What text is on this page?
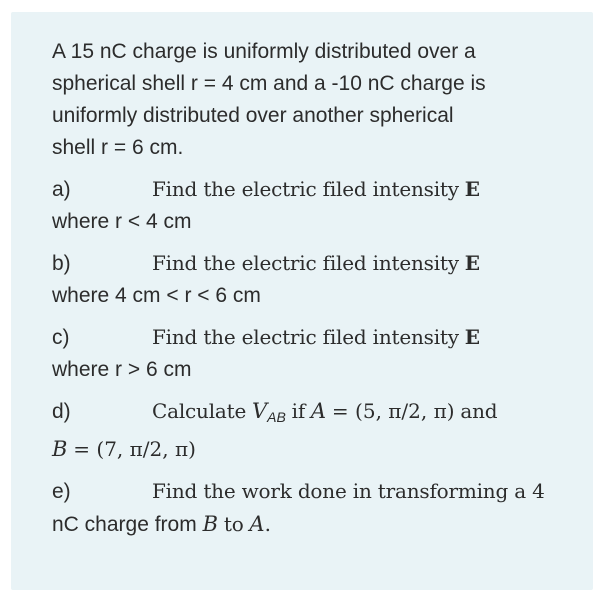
A 15 nC charge is uniformly distributed over a
spherical shell r = 4 cm and a -10 nC charge is
uniformly distributed over another spherical
shell r = 6 cm.
a)	Find the electric filed intensity E
where r < 4 cm
b)	Find the electric filed intensity E
where 4 cm < r < 6 cm
c)	Find the electric filed intensity E
where r > 6 cm
d)	Calculate $V_{AB}$ if A = (5, π/2, π) and
B = (7, π/2, π)
e)	Find the work done in transforming a 4
nC charge from B to A.
